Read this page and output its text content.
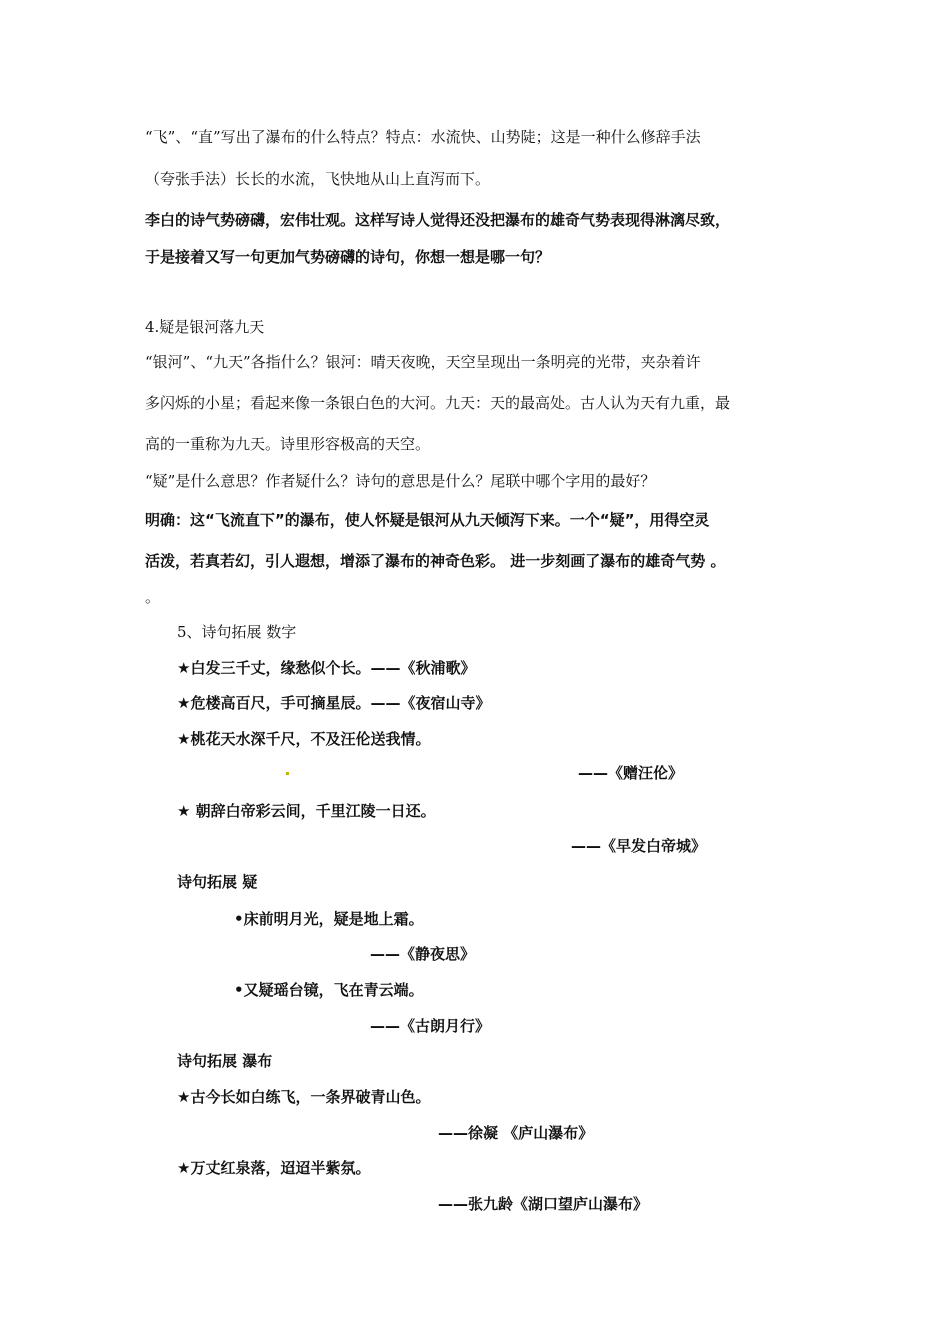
“飞”、“直”写出了瀑布的什么特点？特点：水流快、山势陡；这是一种什么修辞手法
（夸张手法）长长的水流，飞快地从山上直泻而下。
李白的诗气势磅礴，宏伟壮观。这样写诗人觉得还没把瀑布的雄奇气势表现得淋漓尽致，
于是接着又写一句更加气势磅礴的诗句，你想一想是哪一句？
4.疑是银河落九天
“银河”、“九天”各指什么？银河：晴天夜晚，天空呈现出一条明亮的光带，夹杂着许
多闪烁的小星；看起来像一条银白色的大河。九天：天的最高处。古人认为天有九重，最
高的一重称为九天。诗里形容极高的天空。
“疑”是什么意思？作者疑什么？诗句的意思是什么？尾联中哪个字用的最好？
明确：这“飞流直下”的瀑布，使人怀疑是银河从九天倾泻下来。一个“疑”，用得空灵
活泼，若真若幻，引人遐想，增添了瀑布的神奇色彩。 进一步刻画了瀑布的雄奇气势 。
。
5、诗句拓展 数字
★白发三千丈，缘愁似个长。——《秋浦歌》
★危楼高百尺，手可摘星辰。——《夜宿山寺》
★桃花天水深千尺，不及汪伦送我情。
——《赠汪伦》
★ 朝辞白帝彩云间，千里江陵一日还。
——《早发白帝城》
诗句拓展 疑
•床前明月光，疑是地上霜。
——《静夜思》
•又疑瑶台镜，飞在青云端。
——《古朗月行》
诗句拓展 瀑布
★古今长如白练飞，一条界破青山色。
——徐凝 《庐山瀑布》
★万丈红泉落，迢迢半紫氛。
——张九龄《湖口望庐山瀑布》
